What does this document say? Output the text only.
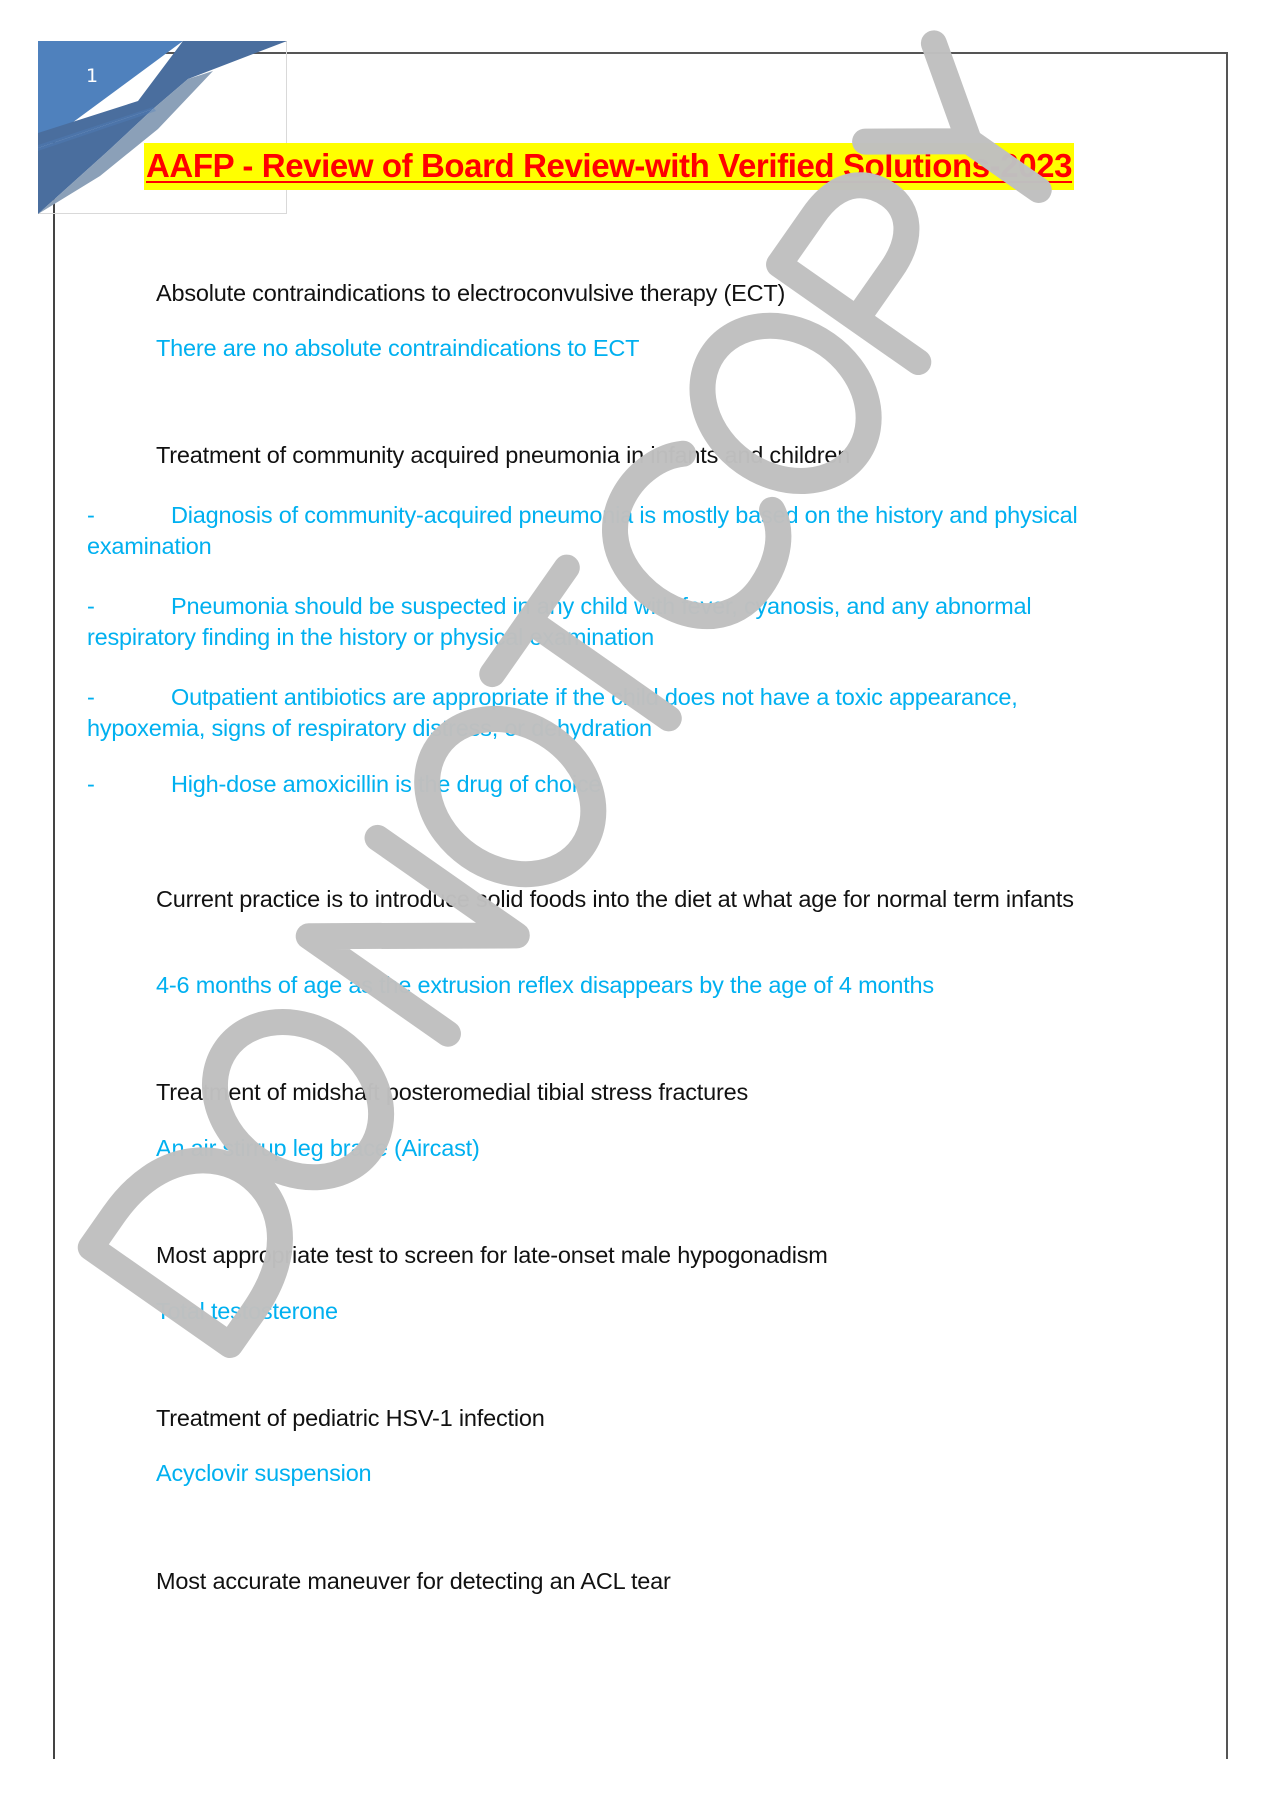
1
AAFP - Review of Board Review-with Verified Solutions-2023
Absolute contraindications to electroconvulsive therapy (ECT)
There are no absolute contraindications to ECT
Treatment of community acquired pneumonia in infants and children
-	Diagnosis of community-acquired pneumonia is mostly based on the history and physical examination
-	Pneumonia should be suspected in any child with fever, cyanosis, and any abnormal respiratory finding in the history or physical examination
-	Outpatient antibiotics are appropriate if the child does not have a toxic appearance, hypoxemia, signs of respiratory distress, or dehydration
-	High-dose amoxicillin is the drug of choice
Current practice is to introduce solid foods into the diet at what age for normal term infants
4-6 months of age as the extrusion reflex disappears by the age of 4 months
Treatment of midshaft posteromedial tibial stress fractures
An air stirrup leg brace (Aircast)
Most appropriate test to screen for late-onset male hypogonadism
Total testosterone
Treatment of pediatric HSV-1 infection
Acyclovir suspension
Most accurate maneuver for detecting an ACL tear
